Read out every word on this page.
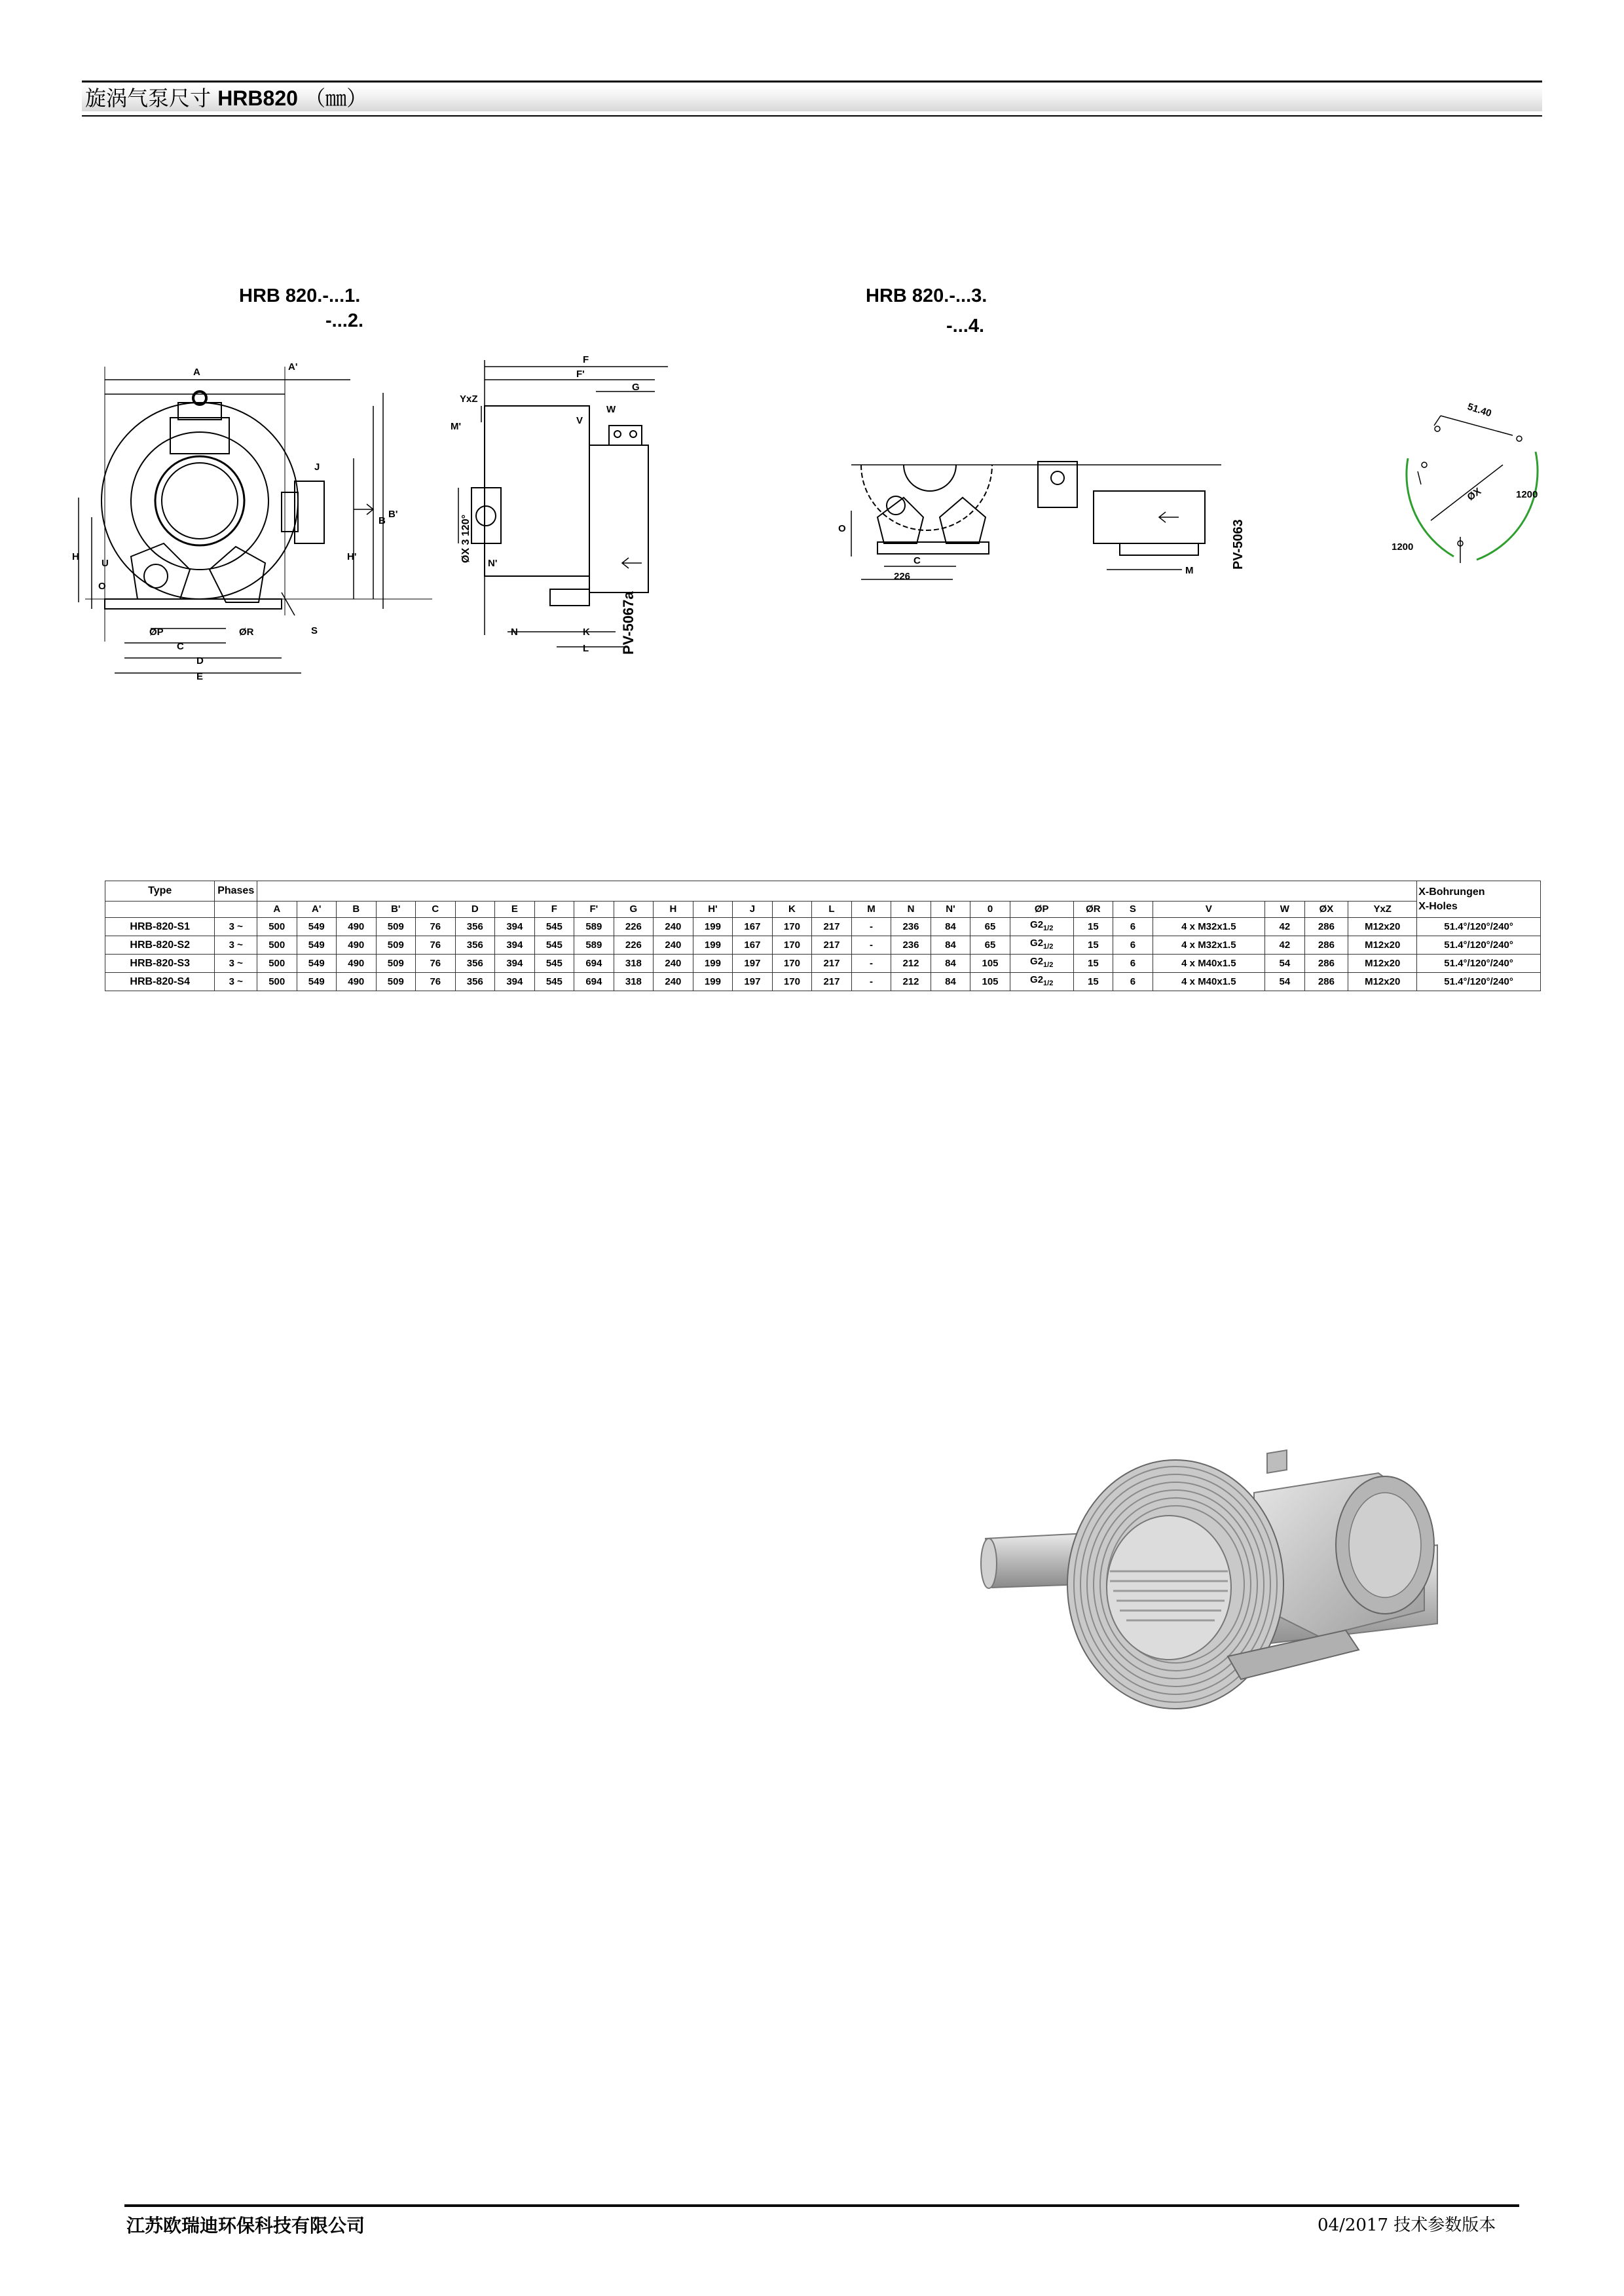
旋涡气泵尺寸 HRB820 （㎜）
HRB 820.-...1.
-...2.
HRB 820.-...3.
-...4.
A	A'
J
B
B'
H'
H
O
U
ØP	ØR
C
D
E
S
F
F'
G
W
V
YxZ
M'
N'
N	K
L
ØX 3 120°
PV-5067a
O
C
226
M
PV-5063
51.40
ØX	1200
1200
Type	Phases																											X-Bohrungen
X-Holes
		A	A'	B	B'	C	D	E	F	F'	G	H	H'	J	K	L	M	N	N'	0	ØP	ØR	S	V	W	ØX	YxZ	
HRB-820-S1	3 ~	500	549	490	509	76	356	394	545	589	226	240	199	167	170	217	-	236	84	65	$G2_{1/2}$	15	6	4 x M32x1.5	42	286	M12x20	51.4°/120°/240°
HRB-820-S2	3 ~	500	549	490	509	76	356	394	545	589	226	240	199	167	170	217	-	236	84	65	$G2_{1/2}$	15	6	4 x M32x1.5	42	286	M12x20	51.4°/120°/240°
HRB-820-S3	3 ~	500	549	490	509	76	356	394	545	694	318	240	199	197	170	217	-	212	84	105	$G2_{1/2}$	15	6	4 x M40x1.5	54	286	M12x20	51.4°/120°/240°
HRB-820-S4	3 ~	500	549	490	509	76	356	394	545	694	318	240	199	197	170	217	-	212	84	105	$G2_{1/2}$	15	6	4 x M40x1.5	54	286	M12x20	51.4°/120°/240°
江苏欧瑞迪环保科技有限公司	04/2017 技术参数版本
